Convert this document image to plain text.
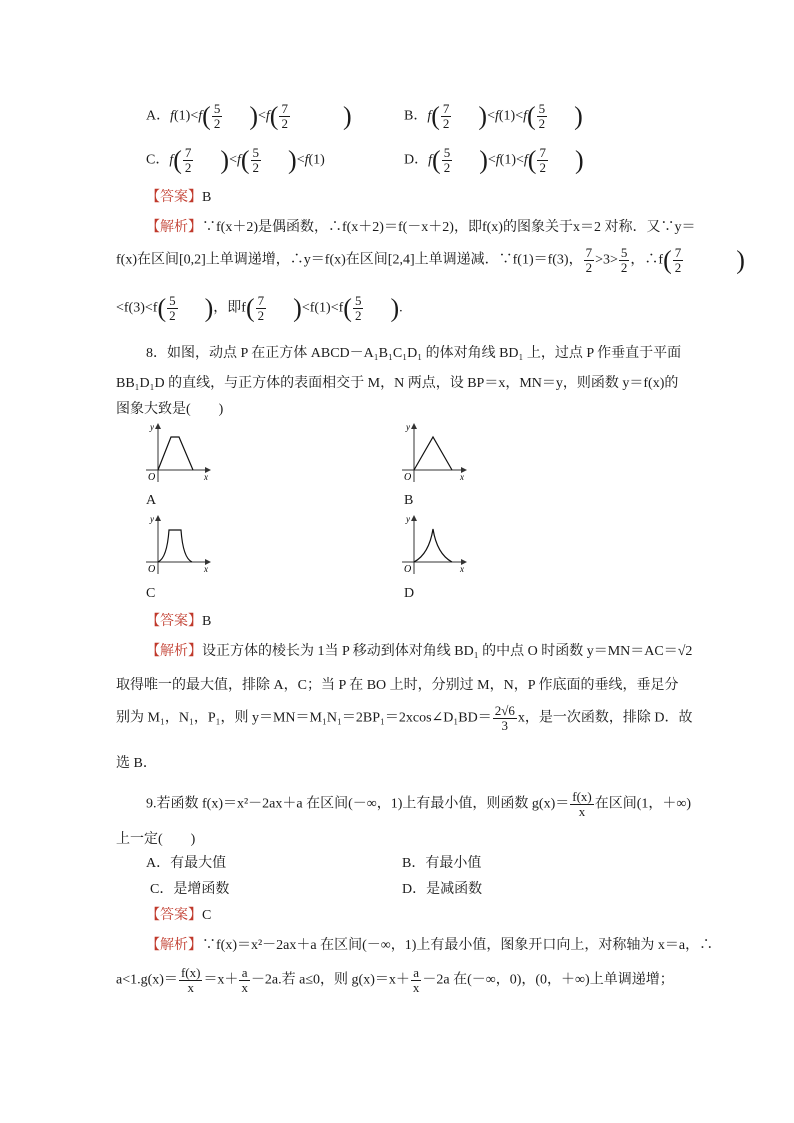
A．$f(1)<f( \frac{5}{2}$ 　)$<f( \frac{7}{2}$ 　　)	B．$f( \frac{7}{2}$ 　)$<f(1)<f( \frac{5}{2}$ 　)
C．$f( \frac{7}{2}$ 　)$<f( \frac{5}{2}$ 　)<f(1)	D．$f( \frac{5}{2}$ 　)$<f(1)<f( \frac{7}{2}$ 　)
【答案】B
【解析】∵f(x＋2)是偶函数，∴f(x＋2)＝f(－x＋2)，即f(x)的图象关于x＝2 对称．又∵y＝
f(x)在区间[0,2]上单调递增，∴y＝f(x)在区间[2,4]上单调递减．∵f(1)＝f(3)， $\frac{7}{2} >3> \frac{5}{2}$ ，∴f( $\frac{7}{2}$ 　　)
$<f(3)<f( \frac{5}{2}$ 　)，即$f( \frac{7}{2}$ 　)$<f(1)<f( \frac{5}{2}$ 　).
8．如图，动点 P 在正方体 ABCD－A₁B₁C₁D₁ 的体对角线 BD₁ 上，过点 P 作垂直于平面
BB₁D₁D 的直线，与正方体的表面相交于 M，N 两点，设 BP＝x，MN＝y，则函数 y＝f(x)的
图象大致是(　　)
y
x
O
A
y
x
O
B
y
x
O
C
y
x
O
D
【答案】B
【解析】设正方体的棱长为 1当 P 移动到体对角线 BD₁ 的中点 O 时函数 y＝MN＝AC＝√2
取得唯一的最大值，排除 A，C；当 P 在 BO 上时，分别过 M，N，P 作底面的垂线，垂足分
别为 M₁，N₁，P₁，则 y＝MN＝M₁N₁＝2BP₁＝2xcos∠D₁BD＝ $\frac{2√6}{3}$ x，是一次函数，排除 D．故
选 B．
9.若函数 f(x)＝x²－2ax＋a 在区间(－∞，1)上有最小值，则函数 $g(x)= \frac{f(x)}{x}$ 在区间(1，＋∞)
上一定(　　)
A．有最大值	B．有最小值
C．是增函数	D．是减函数
【答案】C
【解析】∵f(x)＝x²－2ax＋a 在区间(－∞，1)上有最小值，图象开口向上，对称轴为 x＝a，∴
$a<1.g(x)= \frac{f(x)}{x} =x+ \frac{a}{x} -2a$.若 a≤0，则 $g(x)=x+ \frac{a}{x} -2a$ 在(－∞，0)，(0，＋∞)上单调递增；
